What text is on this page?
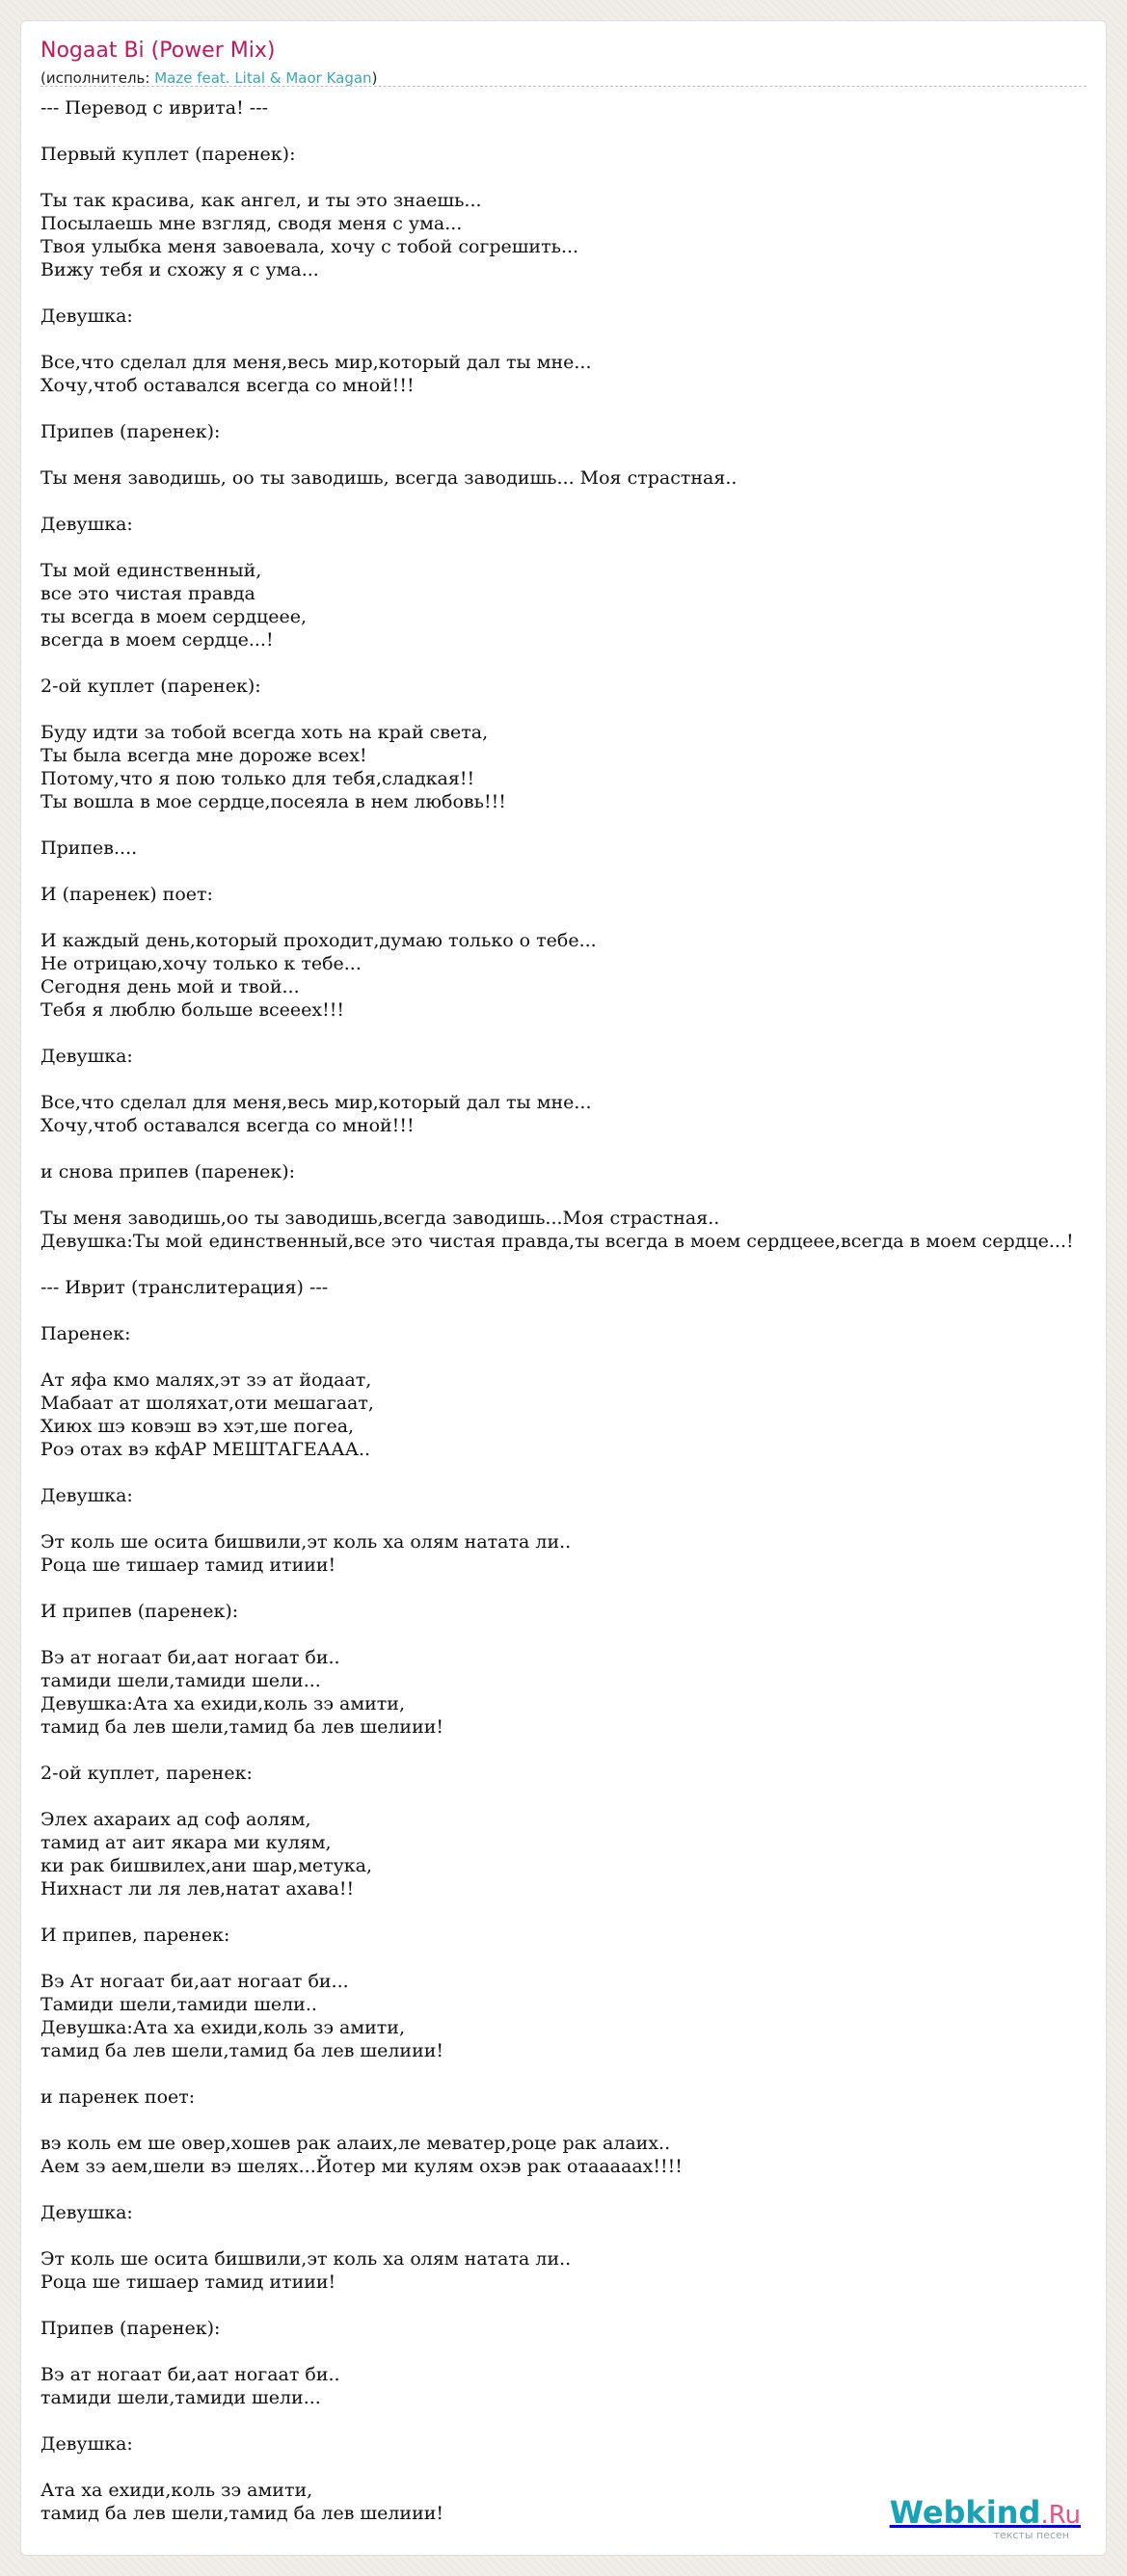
Nogaat Bi (Power Mix)
(исполнитель: Maze feat. Lital & Maor Kagan)
--- Перевод с иврита! ---

Первый куплет (паренек):

Ты так красива, как ангел, и ты это знаешь...
Посылаешь мне взгляд, сводя меня с ума...
Твоя улыбка меня завоевала, хочу с тобой согрешить...
Вижу тебя и схожу я с ума...

Девушка:

Все,что сделал для меня,весь мир,который дал ты мне...
Хочу,чтоб оставался всегда со мной!!!

Припев (паренек):

Ты меня заводишь, оо ты заводишь, всегда заводишь... Моя страстная..

Девушка:

Ты мой единственный,
все это чистая правда
ты всегда в моем сердцеее,
всегда в моем сердце...!

2-ой куплет (паренек):

Буду идти за тобой всегда хоть на край света,
Ты была всегда мне дороже всех!
Потому,что я пою только для тебя,сладкая!!
Ты вошла в мое сердце,посеяла в нем любовь!!!

Припев....

И (паренек) поет:

И каждый день,который проходит,думаю только о тебе...
Не отрицаю,хочу только к тебе...
Сегодня день мой и твой...
Тебя я люблю больше всееех!!!

Девушка:

Все,что сделал для меня,весь мир,который дал ты мне...
Хочу,чтоб оставался всегда со мной!!!

и снова припев (паренек):

Ты меня заводишь,оо ты заводишь,всегда заводишь...Моя страстная..
Девушка:Ты мой единственный,все это чистая правда,ты всегда в моем сердцеее,всегда в моем сердце...!

--- Иврит (транслитерация) ---

Паренек:

Ат яфа кмо малях,эт зэ ат йодаат,
Мабаат ат шоляхат,оти мешагаат,
Хиюх шэ ковэш вэ хэт,ше погеа,
Роэ отах вэ кфАР МЕШТАГЕААА..

Девушка:

Эт коль ше осита бишвили,эт коль ха олям натата ли..
Роца ше тишаер тамид итиии!

И припев (паренек):

Вэ ат ногаат би,аат ногаат би..
тамиди шели,тамиди шели...
Девушка:Ата ха ехиди,коль зэ амити,
тамид ба лев шели,тамид ба лев шелиии!

2-ой куплет, паренек:

Элех ахараих ад соф аолям,
тамид ат аит якара ми кулям,
ки рак бишвилех,ани шар,метука,
Нихнаст ли ля лев,натат ахава!!

И припев, паренек:

Вэ Ат ногаат би,аат ногаат би...
Тамиди шели,тамиди шели..
Девушка:Ата ха ехиди,коль зэ амити,
тамид ба лев шели,тамид ба лев шелиии!

и паренек поет:

вэ коль ем ше овер,хошев рак алаих,ле меватер,роце рак алаих..
Аем зэ аем,шели вэ шелях...Йотер ми кулям охэв рак отааааах!!!!

Девушка:

Эт коль ше осита бишвили,эт коль ха олям натата ли..
Роца ше тишаер тамид итиии!

Припев (паренек):

Вэ ат ногаат би,аат ногаат би..
тамиди шели,тамиди шели...

Девушка:

Ата ха ехиди,коль зэ амити,
тамид ба лев шели,тамид ба лев шелиии!	Webkind.Ru
тексты песен
